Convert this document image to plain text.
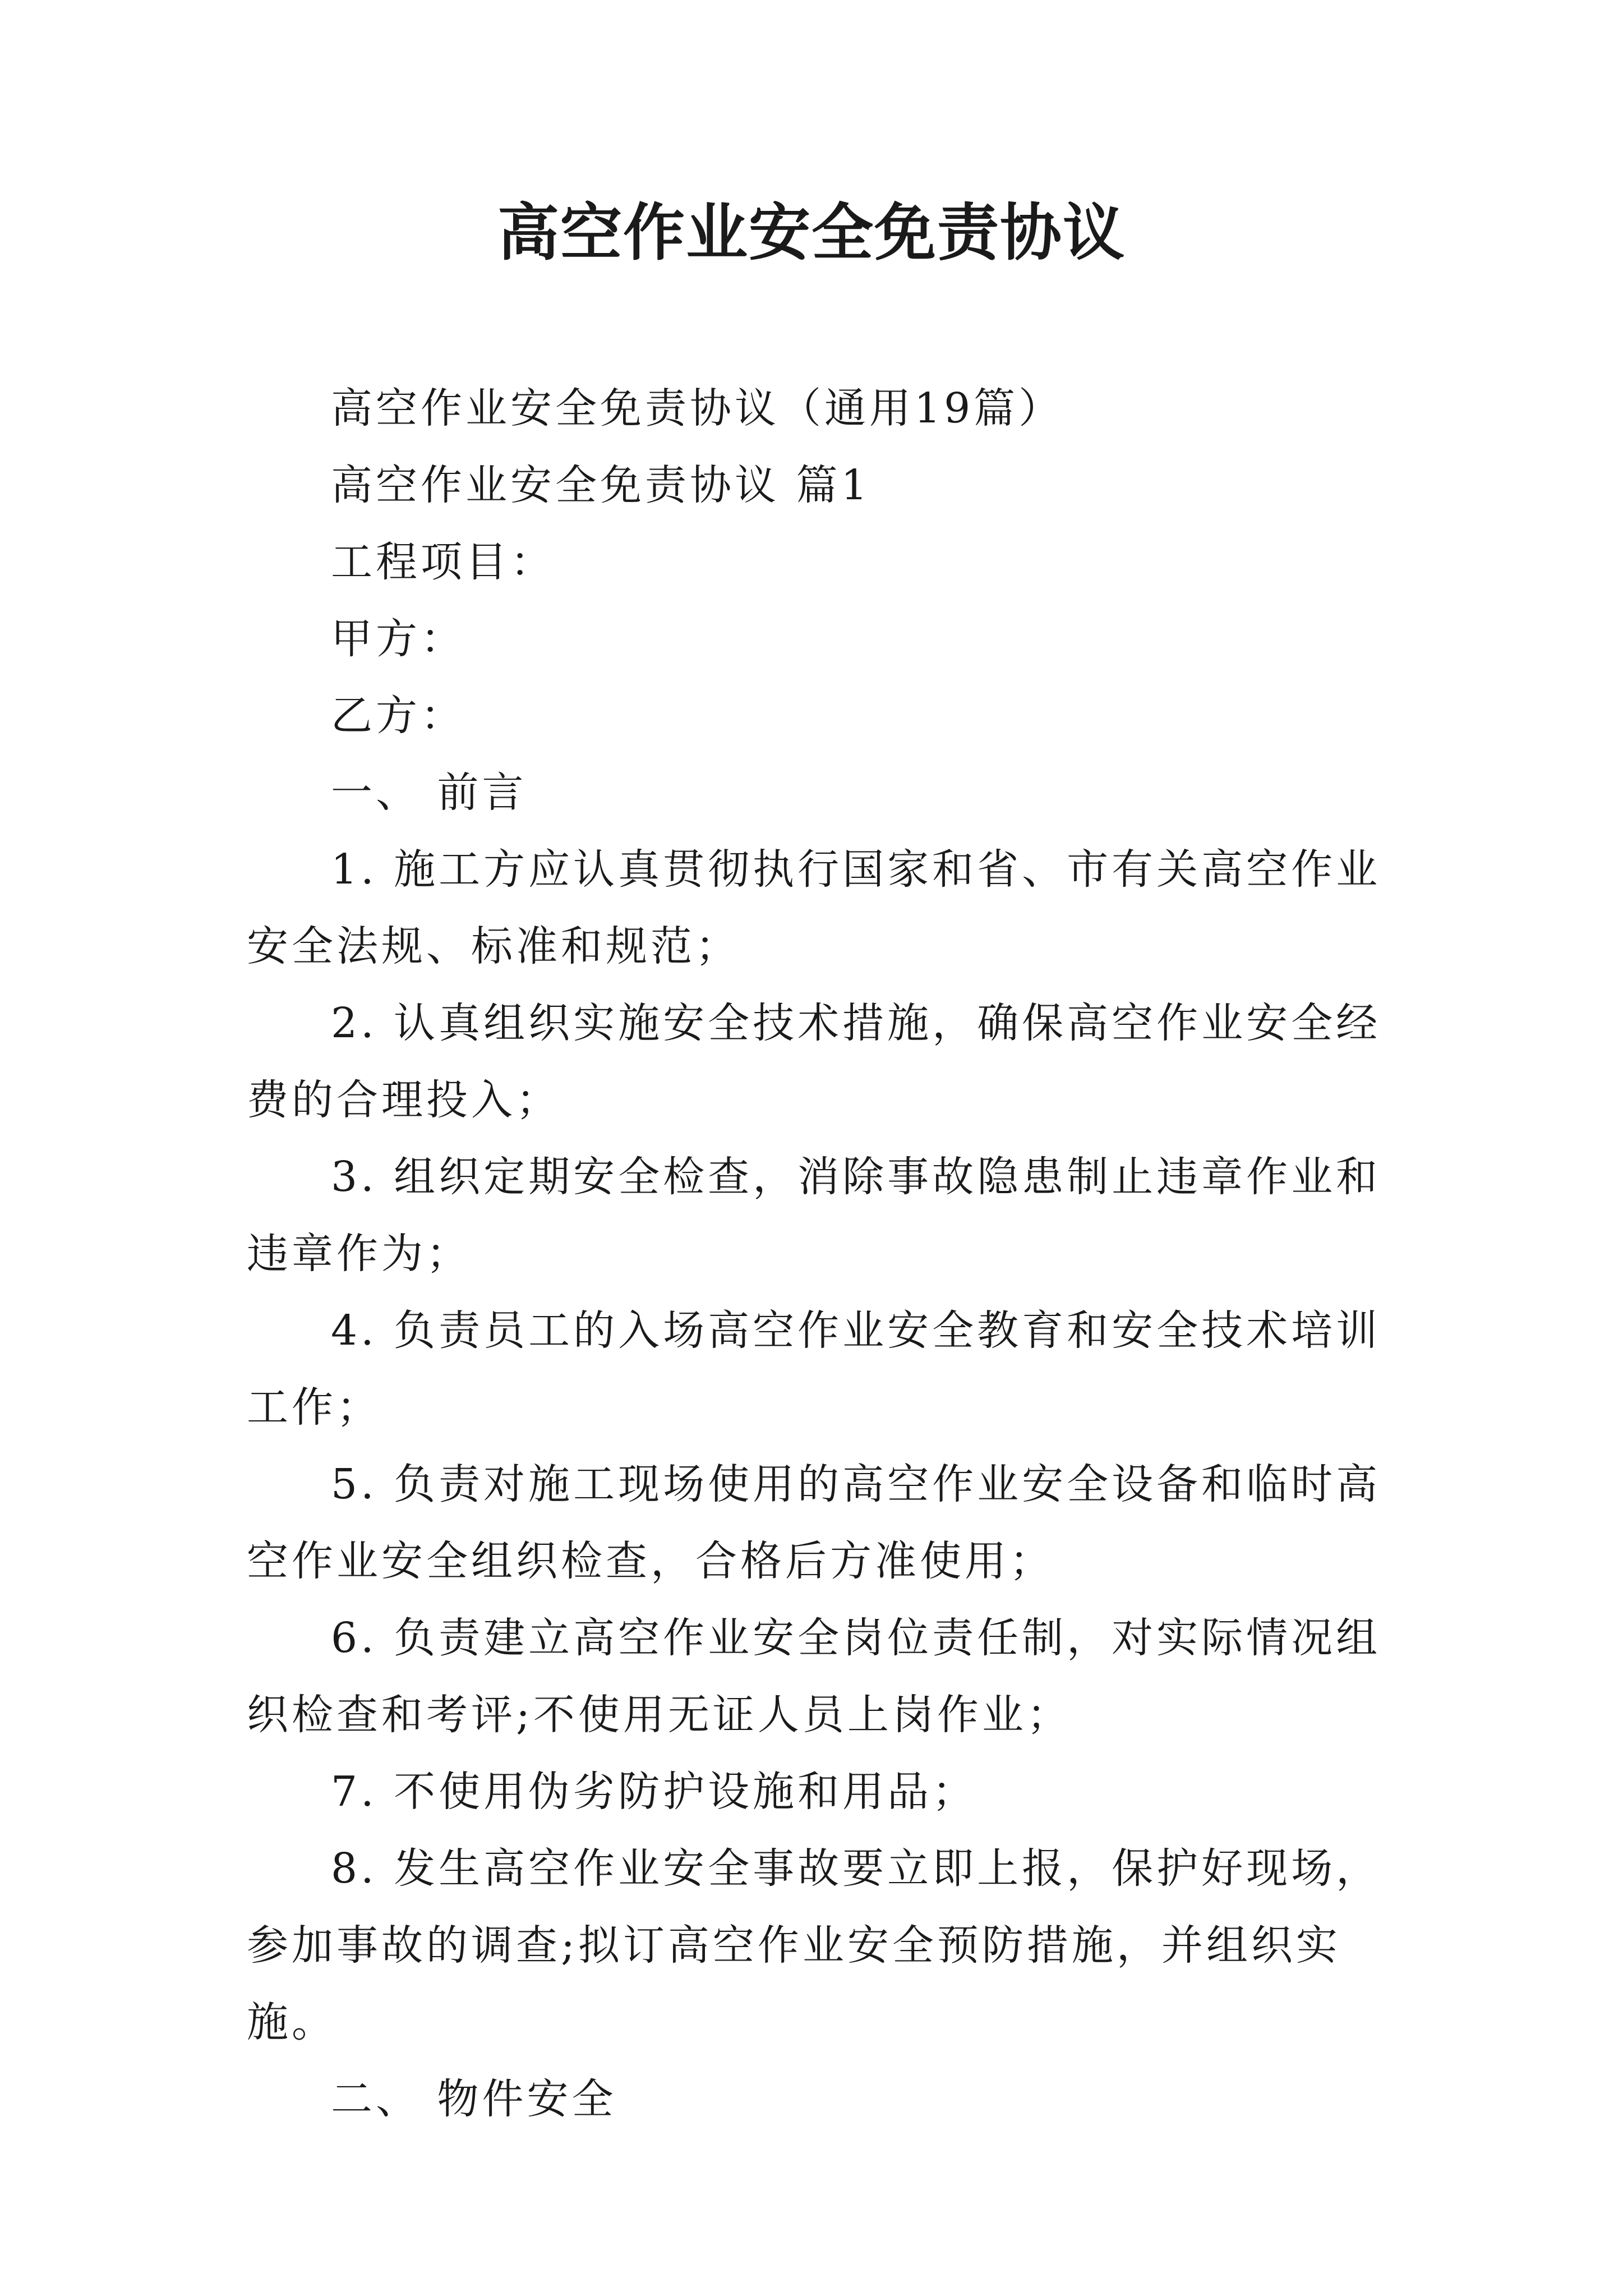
高空作业安全免责协议

高空作业安全免责协议（通用19篇）

高空作业安全免责协议 篇1

工程项目：

甲方：

乙方：

一、 前言

1. 施工方应认真贯彻执行国家和省、市有关高空作业安全法规、标准和规范；

2. 认真组织实施安全技术措施，确保高空作业安全经费的合理投入；

3. 组织定期安全检查，消除事故隐患制止违章作业和违章作为；

4. 负责员工的入场高空作业安全教育和安全技术培训工作；

5. 负责对施工现场使用的高空作业安全设备和临时高空作业安全组织检查，合格后方准使用；

6. 负责建立高空作业安全岗位责任制，对实际情况组织检查和考评;不使用无证人员上岗作业；

7. 不使用伪劣防护设施和用品；

8. 发生高空作业安全事故要立即上报，保护好现场，参加事故的调查;拟订高空作业安全预防措施，并组织实施。

二、 物件安全
